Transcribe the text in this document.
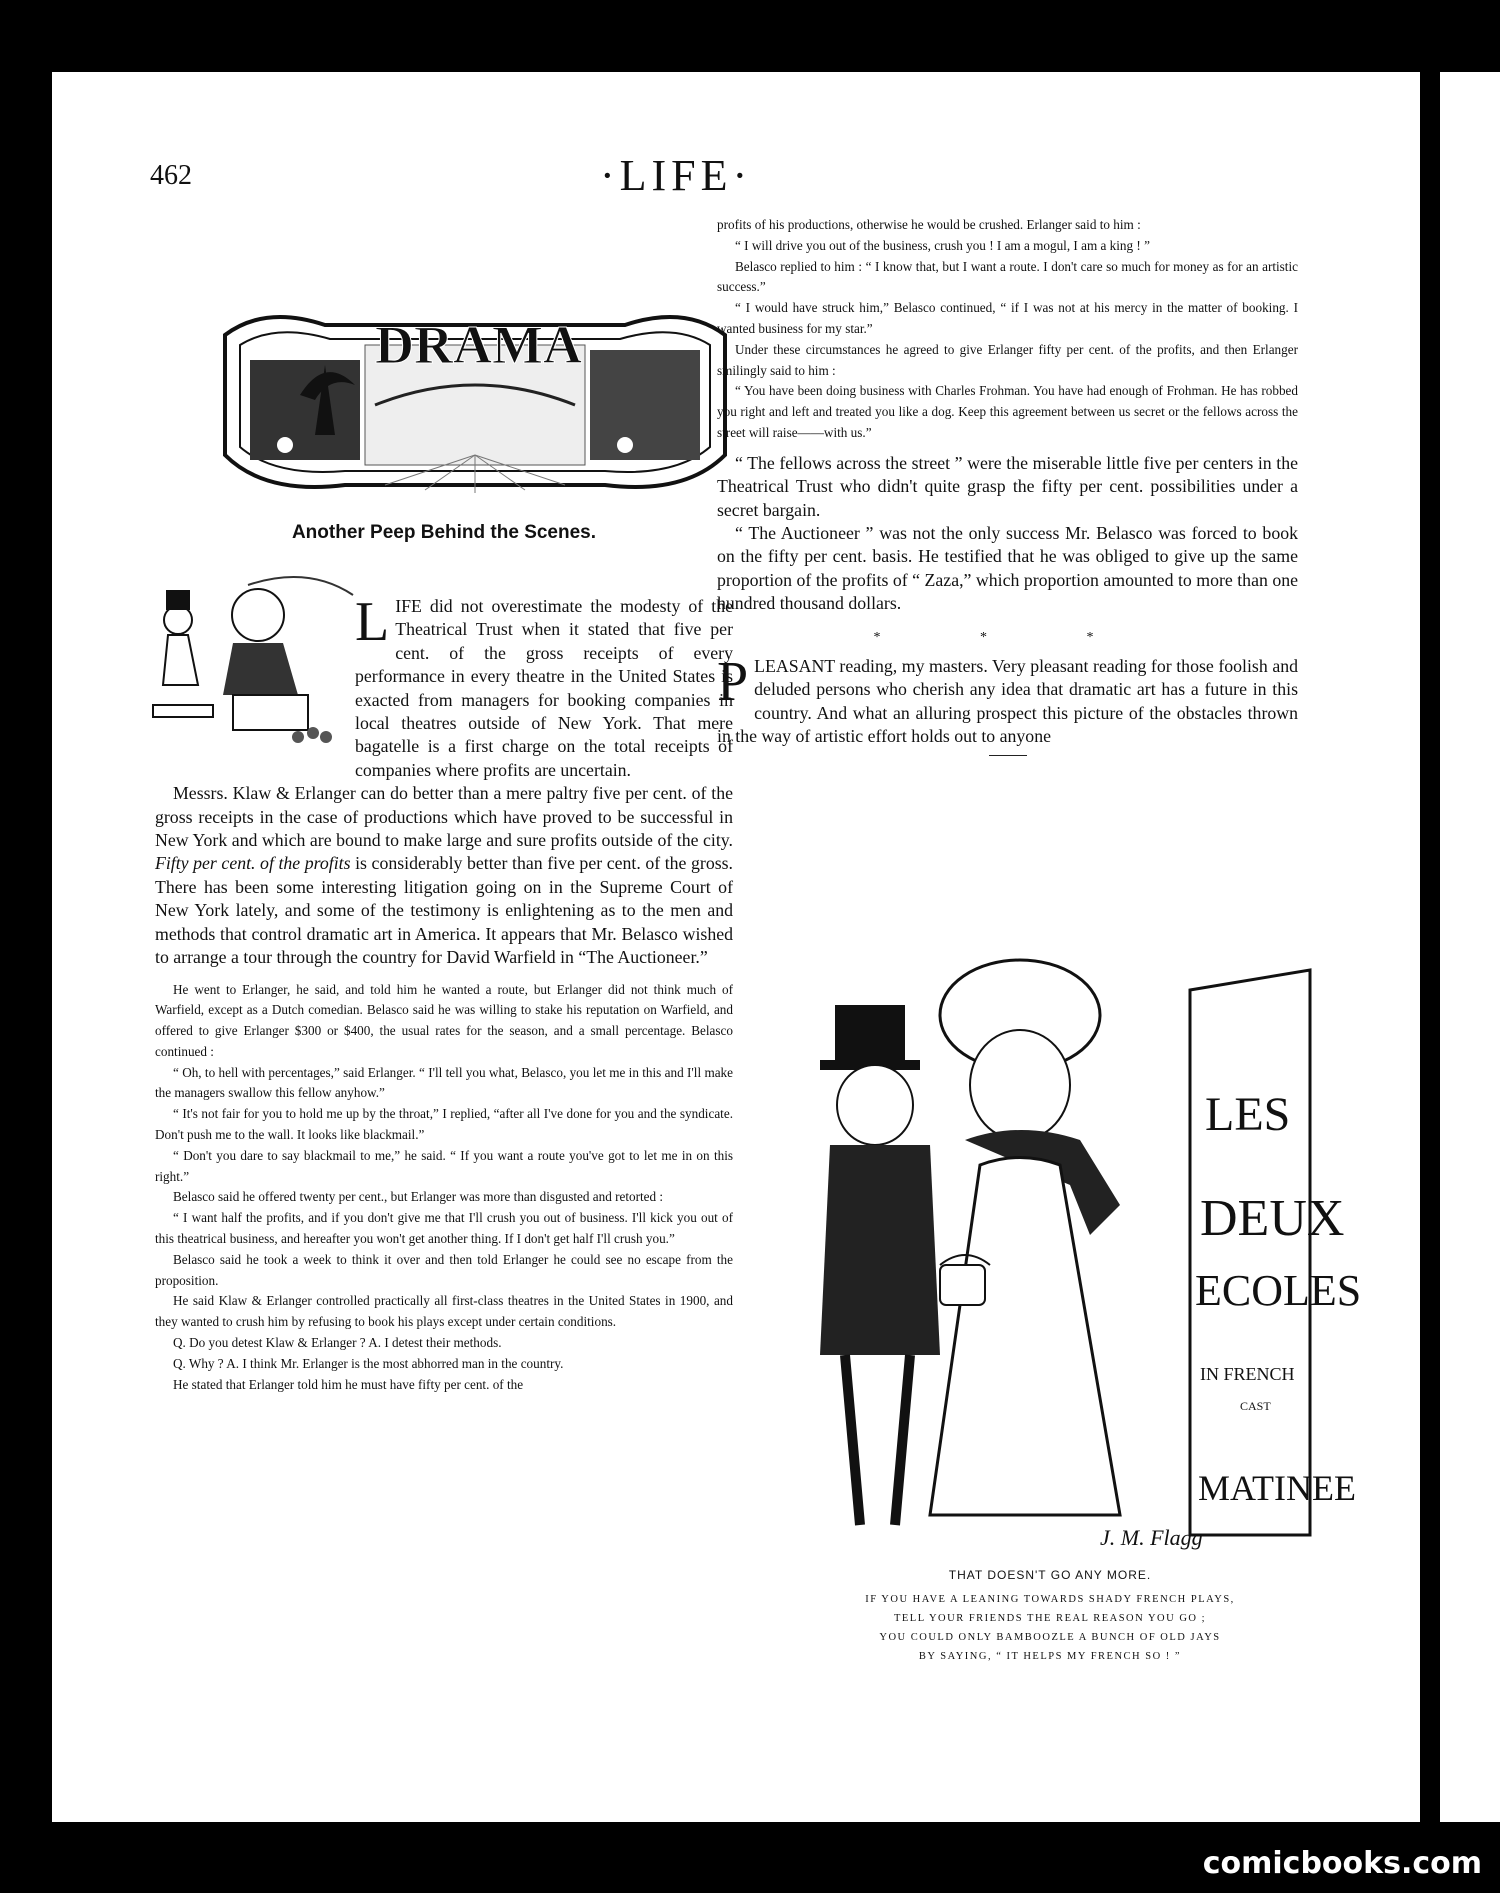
462	·LIFE·
DRAMA
Another Peep Behind the Scenes.

LIFE did not overestimate the modesty of the Theatrical Trust when it stated that five per cent. of the gross receipts of every performance in every theatre in the United States is exacted from managers for booking companies in local theatres outside of New York. That mere bagatelle is a first charge on the total receipts of companies where profits are uncertain.

Messrs. Klaw & Erlanger can do better than a mere paltry five per cent. of the gross receipts in the case of productions which have proved to be successful in New York and which are bound to make large and sure profits outside of the city. Fifty per cent. of the profits is considerably better than five per cent. of the gross. There has been some interesting litigation going on in the Supreme Court of New York lately, and some of the testimony is enlightening as to the men and methods that control dramatic art in America. It appears that Mr. Belasco wished to arrange a tour through the country for David Warfield in “The Auctioneer.”

He went to Erlanger, he said, and told him he wanted a route, but Erlanger did not think much of Warfield, except as a Dutch comedian. Belasco said he was willing to stake his reputation on Warfield, and offered to give Erlanger $300 or $400, the usual rates for the season, and a small percentage. Belasco continued :

“ Oh, to hell with percentages,” said Erlanger. “ I'll tell you what, Belasco, you let me in this and I'll make the managers swallow this fellow anyhow.”

“ It's not fair for you to hold me up by the throat,” I replied, “after all I've done for you and the syndicate. Don't push me to the wall. It looks like blackmail.”

“ Don't you dare to say blackmail to me,” he said. “ If you want a route you've got to let me in on this right.”

Belasco said he offered twenty per cent., but Erlanger was more than disgusted and retorted :

“ I want half the profits, and if you don't give me that I'll crush you out of business. I'll kick you out of this theatrical business, and hereafter you won't get another thing. If I don't get half I'll crush you.”

Belasco said he took a week to think it over and then told Erlanger he could see no escape from the proposition.

He said Klaw & Erlanger controlled practically all first-class theatres in the United States in 1900, and they wanted to crush him by refusing to book his plays except under certain conditions.

Q. Do you detest Klaw & Erlanger ? A. I detest their methods.

Q. Why ? A. I think Mr. Erlanger is the most abhorred man in the country.

He stated that Erlanger told him he must have fifty per cent. of the

profits of his productions, otherwise he would be crushed. Erlanger said to him :

“ I will drive you out of the business, crush you ! I am a mogul, I am a king ! ”

Belasco replied to him : “ I know that, but I want a route. I don't care so much for money as for an artistic success.”

“ I would have struck him,” Belasco continued, “ if I was not at his mercy in the matter of booking. I wanted business for my star.”

Under these circumstances he agreed to give Erlanger fifty per cent. of the profits, and then Erlanger smilingly said to him :

“ You have been doing business with Charles Frohman. You have had enough of Frohman. He has robbed you right and left and treated you like a dog. Keep this agreement between us secret or the fellows across the street will raise——with us.”

“ The fellows across the street ” were the miserable little five per centers in the Theatrical Trust who didn't quite grasp the fifty per cent. possibilities under a secret bargain.

“ The Auctioneer ” was not the only success Mr. Belasco was forced to book on the fifty per cent. basis. He testified that he was obliged to give up the same proportion of the profits of “ Zaza,” which proportion amounted to more than one hundred thousand dollars.

* * *

PLEASANT reading, my masters. Very pleasant reading for those foolish and deluded persons who cherish any idea that dramatic art has a future in this country. And what an alluring prospect this picture of the obstacles thrown in the way of artistic effort holds out to anyone

LES
DEUX
ECOLES
IN FRENCH
CAST
MATINEE
J. M. Flagg
THAT DOESN'T GO ANY MORE.
IF YOU HAVE A LEANING TOWARDS SHADY FRENCH PLAYS,
TELL YOUR FRIENDS THE REAL REASON YOU GO ;
YOU COULD ONLY BAMBOOZLE A BUNCH OF OLD JAYS
BY SAYING, “ IT HELPS MY FRENCH SO ! ”
comicbooks.com
